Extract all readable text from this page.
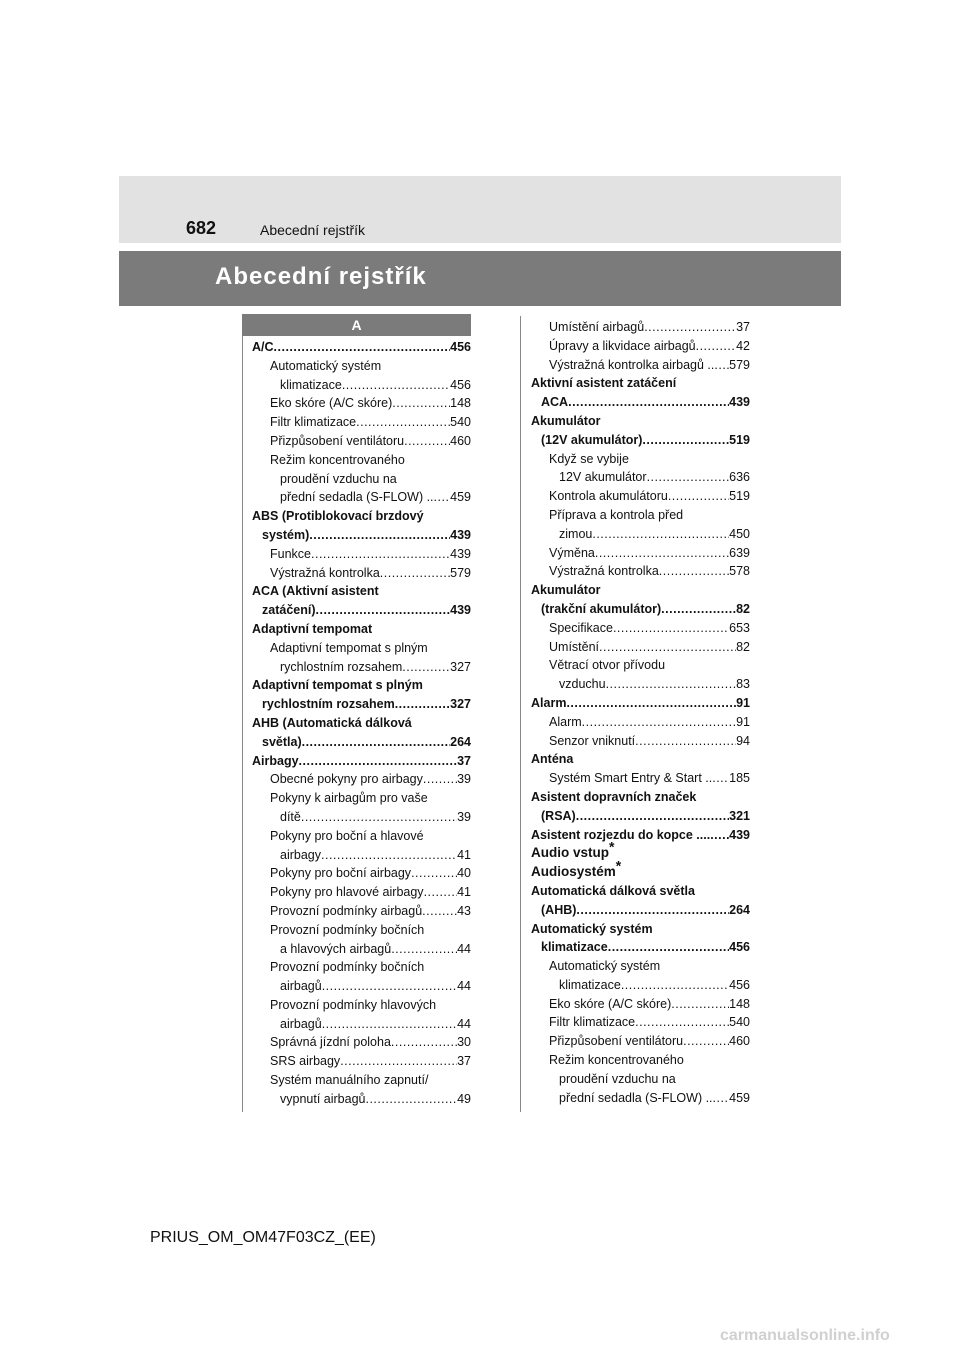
682	Abecední rejstřík
Abecední rejstřík
A
A/C .....	456
Automatický systém
klimatizace .....	456
Eko skóre (A/C skóre) .....	148
Filtr klimatizace .....	540
Přizpůsobení ventilátoru .....	460
Režim koncentrovaného
proudění vzduchu na
přední sedadla (S-FLOW) .. ..... 459
ABS (Protiblokovací brzdový
systém) .....	439
Funkce .....	439
Výstražná kontrolka .....	579
ACA (Aktivní asistent
zatáčení) .....	439
Adaptivní tempomat
Adaptivní tempomat s plným
rychlostním rozsahem .....	327
Adaptivní tempomat s plným
rychlostním rozsahem .....	327
AHB (Automatická dálková
světla) .....	264
Airbagy .....	37
Obecné pokyny pro airbagy .....	39
Pokyny k airbagům pro vaše
dítě .....	39
Pokyny pro boční a hlavové
airbagy .....	41
Pokyny pro boční airbagy .....	40
Pokyny pro hlavové airbagy .....	41
Provozní podmínky airbagů .....	43
Provozní podmínky bočních
a hlavových airbagů .....	44
Provozní podmínky bočních
airbagů .....	44
Provozní podmínky hlavových
airbagů .....	44
Správná jízdní poloha .....	30
SRS airbagy .....	37
Systém manuálního zapnutí/
vypnutí airbagů .....	49
Umístění airbagů .....	37
Úpravy a likvidace airbagů .....	42
Výstražná kontrolka airbagů .. ..... 579
Aktivní asistent zatáčení
ACA .....	439
Akumulátor
(12V akumulátor) .....	519
Když se vybije
12V akumulátor .....	636
Kontrola akumulátoru .....	519
Příprava a kontrola před
zimou .....	450
Výměna .....	639
Výstražná kontrolka .....	578
Akumulátor
(trakční akumulátor) .....	82
Specifikace .....	653
Umístění .....	82
Větrací otvor přívodu
vzduchu .....	83
Alarm .....	91
Alarm .....	91
Senzor vniknutí .....	94
Anténa
Systém Smart Entry & Start .. ..... 185
Asistent dopravních značek
(RSA) .....	321
Asistent rozjezdu do kopce .... ..... 439
Audio vstup*
Audiosystém*
Automatická dálková světla
(AHB) .....	264
Automatický systém
klimatizace .....	456
Automatický systém
klimatizace .....	456
Eko skóre (A/C skóre) .....	148
Filtr klimatizace .....	540
Přizpůsobení ventilátoru .....	460
Režim koncentrovaného
proudění vzduchu na
přední sedadla (S-FLOW) .. ..... 459
PRIUS_OM_OM47F03CZ_(EE)
carmanualsonline.info
